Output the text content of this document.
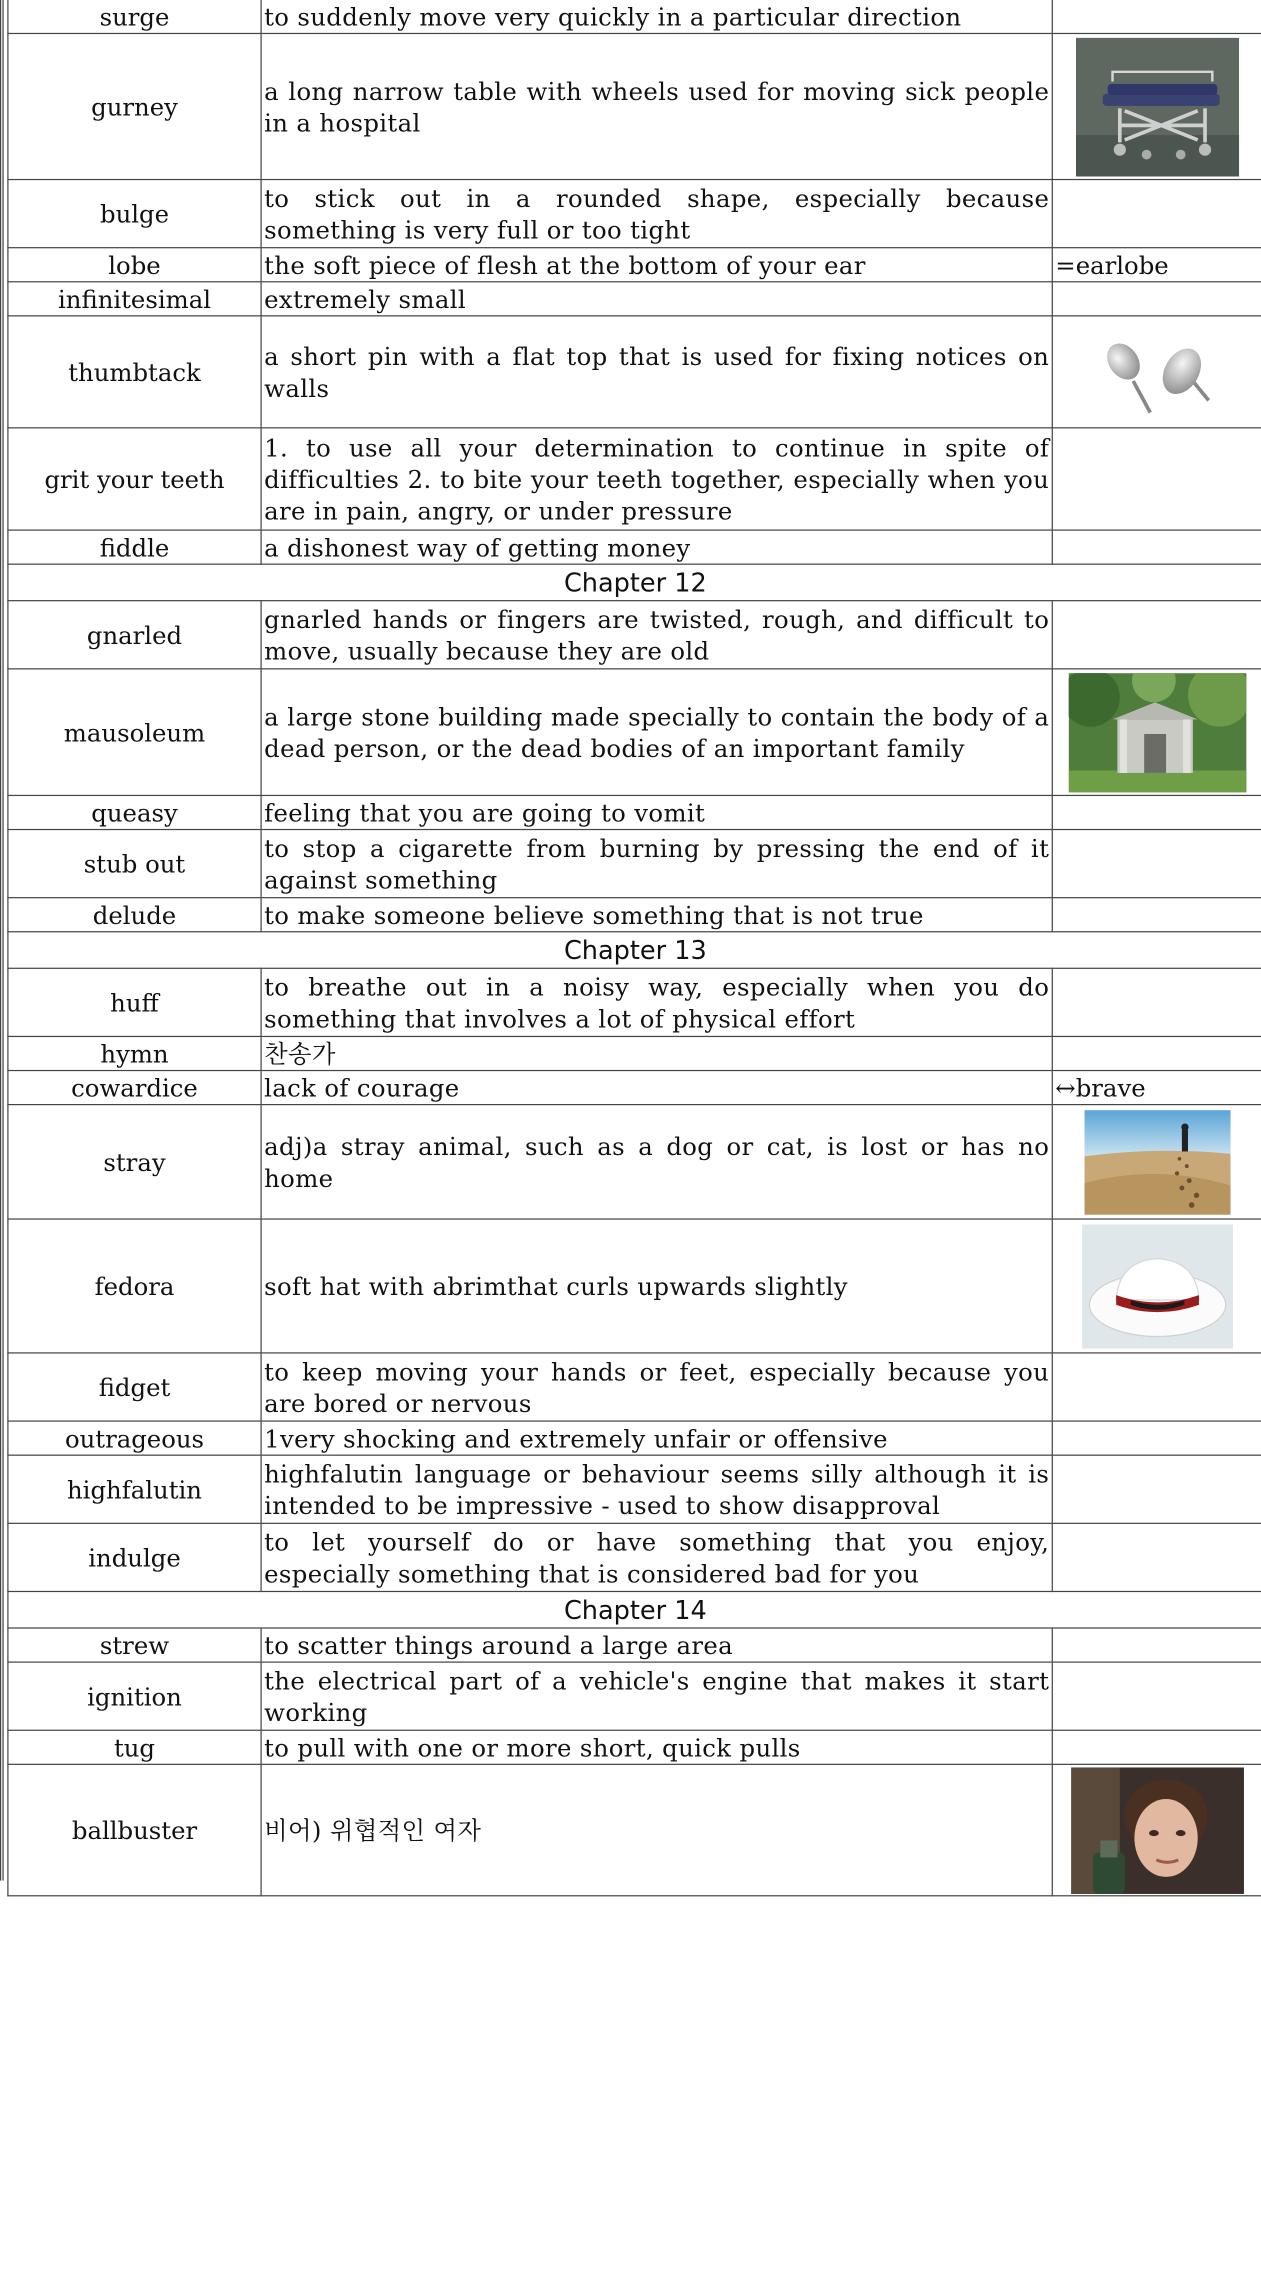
surge	to suddenly move very quickly in a particular direction	
gurney	a long narrow table with wheels used for moving sick people in a hospital	

bulge	to stick out in a rounded shape, especially because something is very full or too tight	
lobe	the soft piece of flesh at the bottom of your ear	=earlobe
infinitesimal	extremely small	
thumbtack	a short pin with a flat top that is used for fixing notices on walls	

grit your teeth	1. to use all your determination to continue in spite of difficulties 2. to bite your teeth together, especially when you are in pain, angry, or under pressure	
fiddle	a dishonest way of getting money	
Chapter 12		
gnarled	gnarled hands or fingers are twisted, rough, and difficult to move, usually because they are old	
mausoleum	a large stone building made specially to contain the body of a dead person, or the dead bodies of an important family	

queasy	feeling that you are going to vomit	
stub out	to stop a cigarette from burning by pressing the end of it against something	
delude	to make someone believe something that is not true	
Chapter 13		
huff	to breathe out in a noisy way, especially when you do something that involves a lot of physical effort	
hymn	찬송가	
cowardice	lack of courage	↔brave
stray	adj)a stray animal, such as a dog or cat, is lost or has no home	

fedora	soft hat with abrimthat curls upwards slightly	

fidget	to keep moving your hands or feet, especially because you are bored or nervous	
outrageous	1very shocking and extremely unfair or offensive	
highfalutin	highfalutin language or behaviour seems silly although it is intended to be impressive - used to show disapproval	
indulge	to let yourself do or have something that you enjoy, especially something that is considered bad for you	
Chapter 14		
strew	to scatter things around a large area	
ignition	the electrical part of a vehicle's engine that makes it start working	
tug	to pull with one or more short, quick pulls	
ballbuster	비어) 위협적인 여자	
